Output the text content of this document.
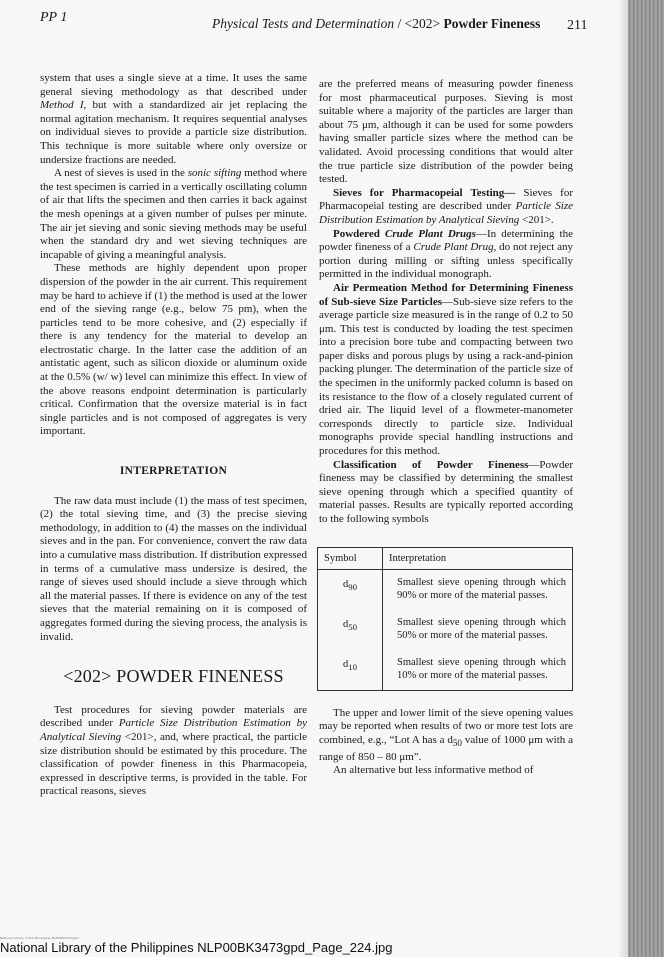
PP 1	Physical Tests and Determination / <202> Powder Fineness 211

system that uses a single sieve at a time. It uses the same general sieving methodology as that described under Method I, but with a standardized air jet replacing the normal agitation mechanism. It requires sequential analyses on individual sieves to provide a particle size distribution. This technique is more suitable where only oversize or undersize fractions are needed.

A nest of sieves is used in the sonic sifting method where the test specimen is carried in a vertically oscillating column of air that lifts the specimen and then carries it back against the mesh openings at a given number of pulses per minute. The air jet sieving and sonic sieving methods may be useful when the standard dry and wet sieving techniques are incapable of giving a meaningful analysis.

These methods are highly dependent upon proper dispersion of the powder in the air current. This requirement may be hard to achieve if (1) the method is used at the lower end of the sieving range (e.g., below 75 pm), when the particles tend to be more cohesive, and (2) especially if there is any tendency for the material to develop an electrostatic charge. In the latter case the addition of an antistatic agent, such as silicon dioxide or aluminum oxide at the 0.5% (w/ w) level can minimize this effect. In view of the above reasons endpoint determination is particularly critical. Confirmation that the oversize material is in fact single particles and is not composed of aggregates is very important.

INTERPRETATION

The raw data must include (1) the mass of test specimen, (2) the total sieving time, and (3) the precise sieving methodology, in addition to (4) the masses on the individual sieves and in the pan. For convenience, convert the raw data into a cumulative mass distribution. If distribution expressed in terms of a cumulative mass undersize is desired, the range of sieves used should include a sieve through which all the material passes. If there is evidence on any of the test sieves that the material remaining on it is composed of aggregates formed during the sieving process, the analysis is invalid.

<202> POWDER FINENESS

Test procedures for sieving powder materials are described under Particle Size Distribution Estimation by Analytical Sieving <201>, and, where practical, the particle size distribution should be estimated by this procedure. The classification of powder fineness in this Pharmacopeia, expressed in descriptive terms, is provided in the table. For practical reasons, sieves

are the preferred means of measuring powder fineness for most pharmaceutical purposes. Sieving is most suitable where a majority of the particles are larger than about 75 μm, although it can be used for some powders having smaller particle sizes where the method can be validated. Avoid processing conditions that would alter the true particle size distribution of the powder being tested.

Sieves for Pharmacopeial Testing— Sieves for Pharmacopeial testing are described under Particle Size Distribution Estimation by Analytical Sieving <201>.

Powdered Crude Plant Drugs—In determining the powder fineness of a Crude Plant Drug, do not reject any portion during milling or sifting unless specifically permitted in the individual monograph.

Air Permeation Method for Determining Fineness of Sub-sieve Size Particles—Sub-sieve size refers to the average particle size measured is in the range of 0.2 to 50 μm. This test is conducted by loading the test specimen into a precision bore tube and compacting between two paper disks and porous plugs by using a rack-and-pinion packing plunger. The determination of the particle size of the specimen in the uniformly packed column is based on its resistance to the flow of a closely regulated current of dried air. The liquid level of a flowmeter-manometer corresponds directly to particle size. Individual monographs provide special handling instructions and procedures for this method.

Classification of Powder Fineness—Powder fineness may be classified by determining the smallest sieve opening through which a specified quantity of material passes. Results are typically reported according to the following symbols

Symbol	Interpretation
$d_{90}$	Smallest sieve opening through which 90% or more of the material passes.
$d_{50}$	Smallest sieve opening through which 50% or more of the material passes.
$d_{10}$	Smallest sieve opening through which 10% or more of the material passes.

The upper and lower limit of the sieve opening values may be reported when results of two or more test lots are combined, e.g., “Lot A has a $d_{50}$ value of 1000 μm with a range of 850 – 80 μm”.

An alternative but less informative method of

National Library of the Philippines NLP00BK3473gpd
National Library of the Philippines NLP00BK3473gpd_Page_224.jpg
